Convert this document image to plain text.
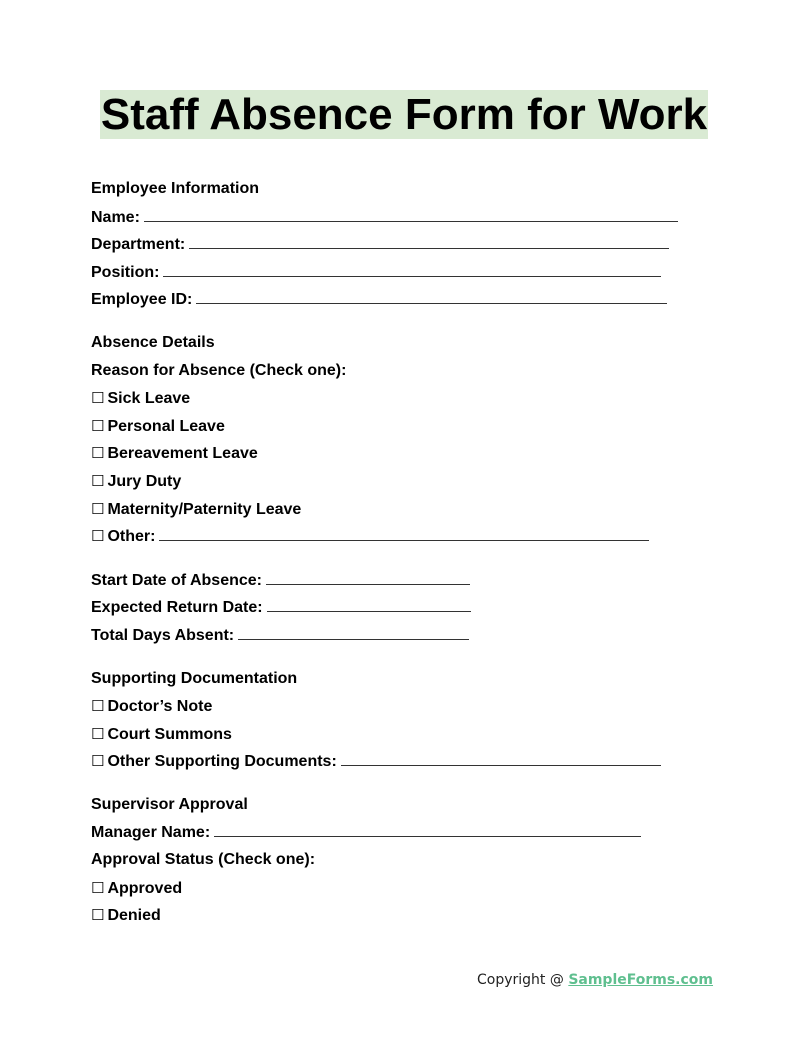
Staff Absence Form for Work
Employee Information
Name:
Department:
Position:
Employee ID:
Absence Details
Reason for Absence (Check one):
☐ Sick Leave
☐ Personal Leave
☐ Bereavement Leave
☐ Jury Duty
☐ Maternity/Paternity Leave
☐ Other:
Start Date of Absence:
Expected Return Date:
Total Days Absent:
Supporting Documentation
☐ Doctor’s Note
☐ Court Summons
☐ Other Supporting Documents:
Supervisor Approval
Manager Name:
Approval Status (Check one):
☐ Approved
☐ Denied
Copyright @ SampleForms.com
